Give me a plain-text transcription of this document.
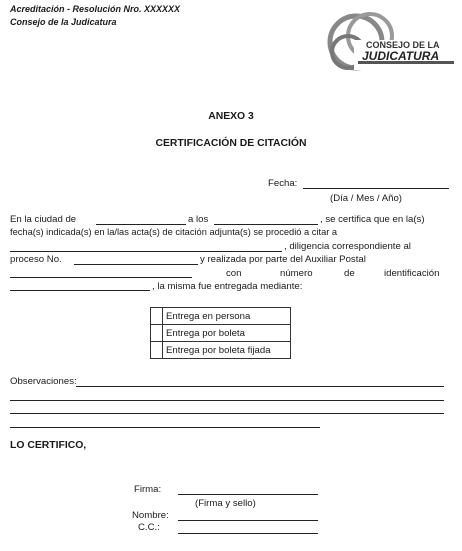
Acreditación - Resolución Nro. XXXXXX
Consejo de la Judicatura
CONSEJO DE LA
JUDICATURA
ANEXO 3
CERTIFICACIÓN DE CITACIÓN
Fecha:
(Día / Mes / Año)
En la ciudad de	a los	, se certifica que en la(s)
fecha(s) indicada(s) en la/las acta(s) de citación adjunta(s) se procedió a citar a
, diligencia correspondiente al
proceso No.	y realizada por parte del Auxiliar Postal
con	número	de	identificación
, la misma fue entregada mediante:
	Entrega en persona
	Entrega por boleta
	Entrega por boleta fijada
Observaciones:
LO CERTIFICO,
Firma:
(Firma y sello)
Nombre:
C.C.:
